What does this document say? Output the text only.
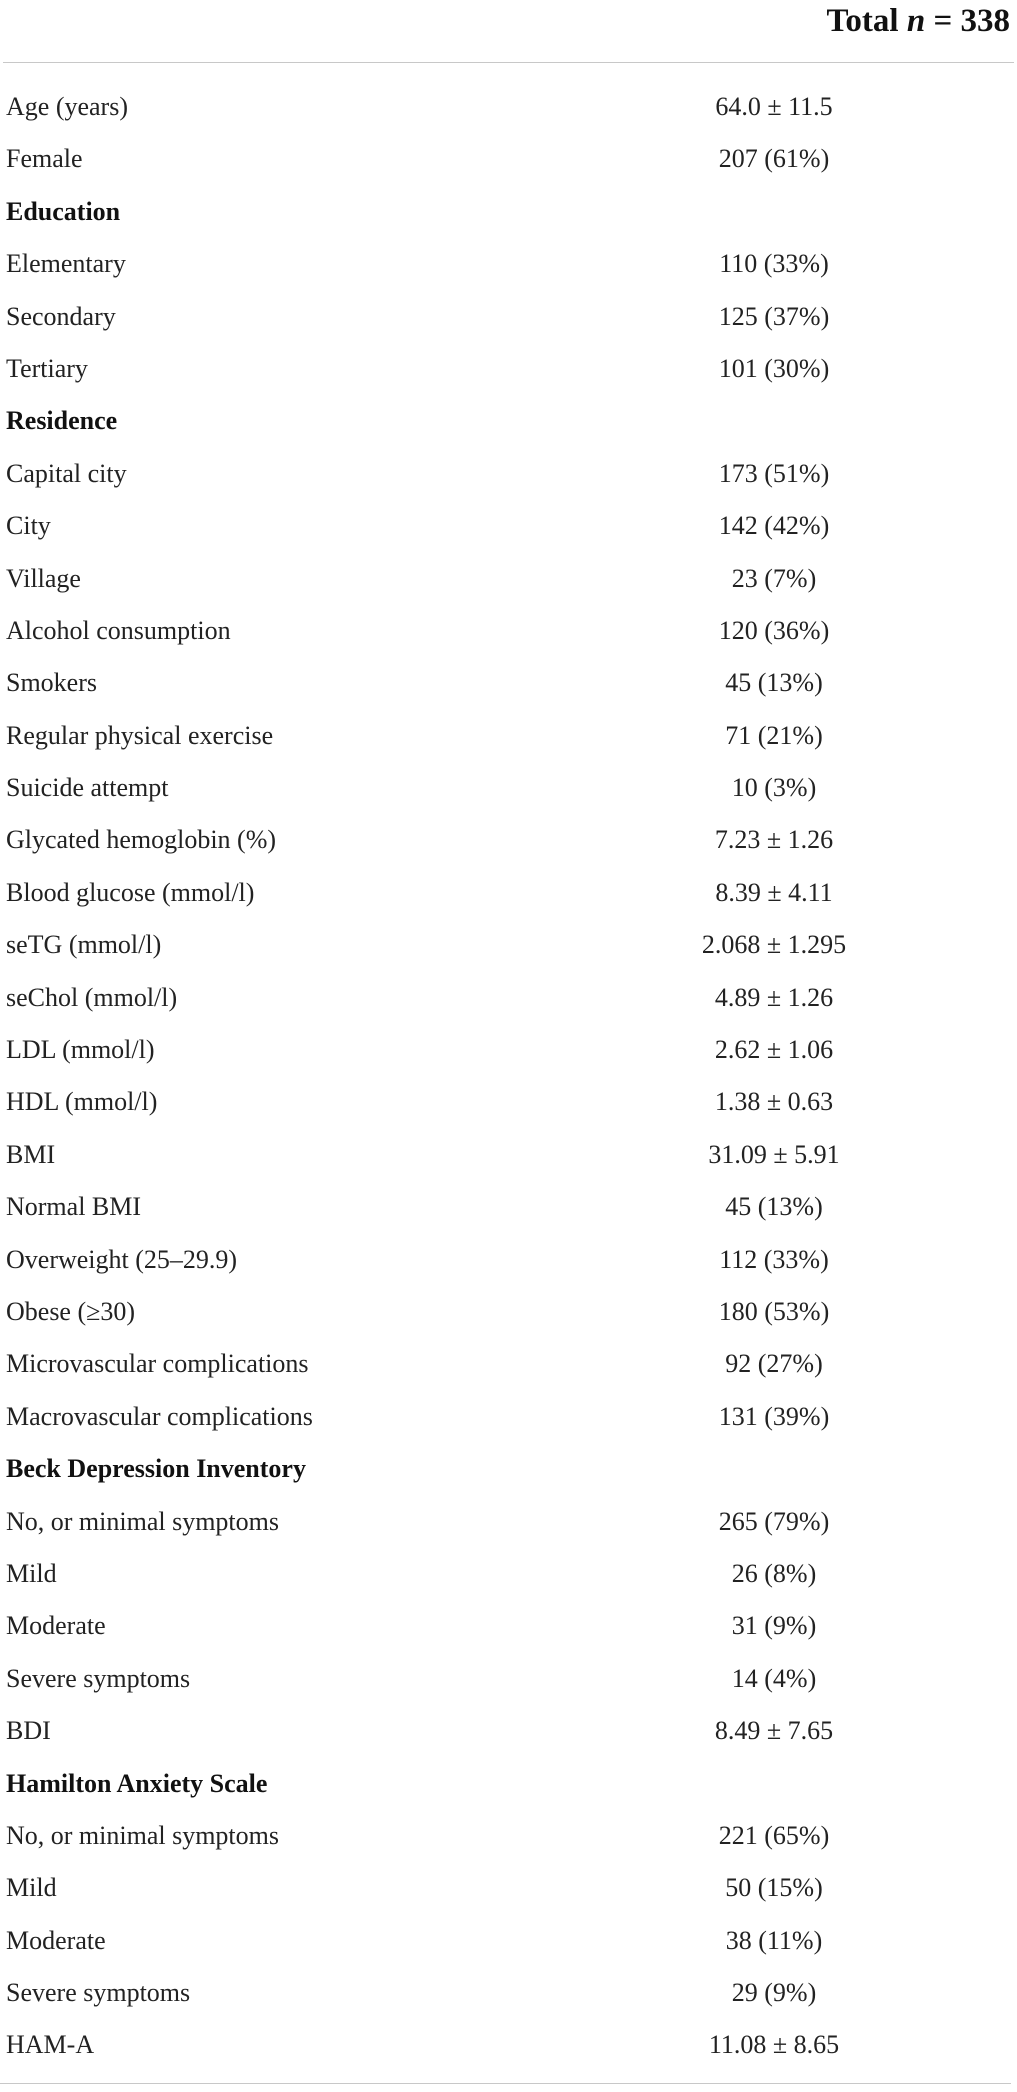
Total n = 338
Age (years)	64.0 ± 11.5
Female	207 (61%)
Education
Elementary	110 (33%)
Secondary	125 (37%)
Tertiary	101 (30%)
Residence
Capital city	173 (51%)
City	142 (42%)
Village	23 (7%)
Alcohol consumption	120 (36%)
Smokers	45 (13%)
Regular physical exercise	71 (21%)
Suicide attempt	10 (3%)
Glycated hemoglobin (%)	7.23 ± 1.26
Blood glucose (mmol/l)	8.39 ± 4.11
seTG (mmol/l)	2.068 ± 1.295
seChol (mmol/l)	4.89 ± 1.26
LDL (mmol/l)	2.62 ± 1.06
HDL (mmol/l)	1.38 ± 0.63
BMI	31.09 ± 5.91
Normal BMI	45 (13%)
Overweight (25–29.9)	112 (33%)
Obese (≥30)	180 (53%)
Microvascular complications	92 (27%)
Macrovascular complications	131 (39%)
Beck Depression Inventory
No, or minimal symptoms	265 (79%)
Mild	26 (8%)
Moderate	31 (9%)
Severe symptoms	14 (4%)
BDI	8.49 ± 7.65
Hamilton Anxiety Scale
No, or minimal symptoms	221 (65%)
Mild	50 (15%)
Moderate	38 (11%)
Severe symptoms	29 (9%)
HAM-A	11.08 ± 8.65
